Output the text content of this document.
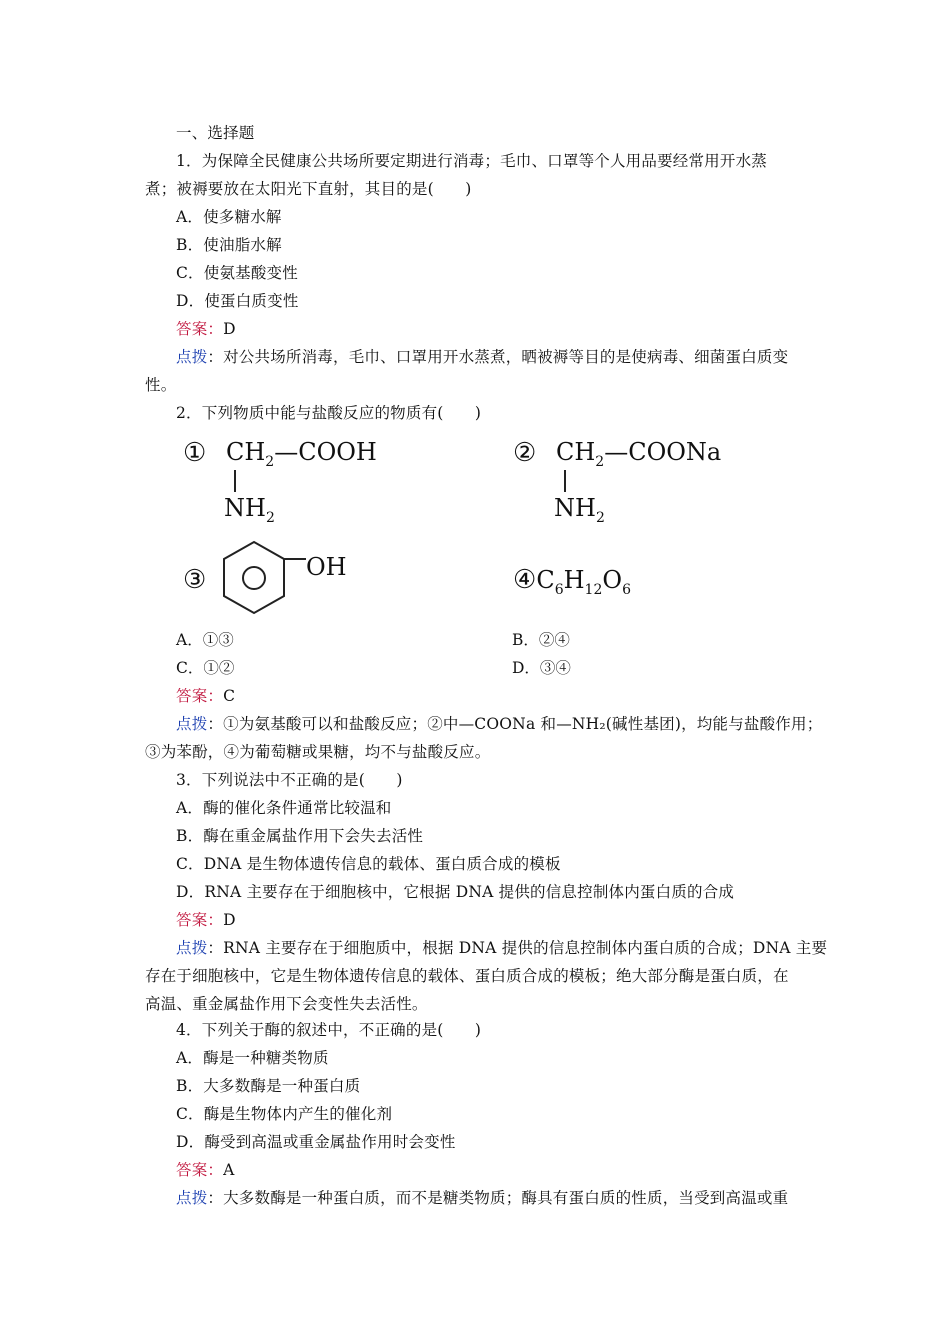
一、选择题
1．为保障全民健康公共场所要定期进行消毒；毛巾、口罩等个人用品要经常用开水蒸
煮；被褥要放在太阳光下直射，其目的是(　　)
A．使多糖水解
B．使油脂水解
C．使氨基酸变性
D．使蛋白质变性
答案：D
点拨：对公共场所消毒，毛巾、口罩用开水蒸煮，晒被褥等目的是使病毒、细菌蛋白质变
性。
2．下列物质中能与盐酸反应的物质有(　　)
① $CH_2—COOH$
$NH_2$
② $CH_2—COONa$
$NH_2$
③	OH	$④C_6H_{12}O_6$
A．①③	B．②④
C．①②	D．③④
答案：C
点拨：①为氨基酸可以和盐酸反应；②中—COONa 和—NH₂(碱性基团)，均能与盐酸作用；
③为苯酚，④为葡萄糖或果糖，均不与盐酸反应。
3．下列说法中不正确的是(　　)
A．酶的催化条件通常比较温和
B．酶在重金属盐作用下会失去活性
C．DNA 是生物体遗传信息的载体、蛋白质合成的模板
D．RNA 主要存在于细胞核中，它根据 DNA 提供的信息控制体内蛋白质的合成
答案：D
点拨：RNA 主要存在于细胞质中，根据 DNA 提供的信息控制体内蛋白质的合成；DNA 主要
存在于细胞核中，它是生物体遗传信息的载体、蛋白质合成的模板；绝大部分酶是蛋白质，在
高温、重金属盐作用下会变性失去活性。
4．下列关于酶的叙述中，不正确的是(　　)
A．酶是一种糖类物质
B．大多数酶是一种蛋白质
C．酶是生物体内产生的催化剂
D．酶受到高温或重金属盐作用时会变性
答案：A
点拨：大多数酶是一种蛋白质，而不是糖类物质；酶具有蛋白质的性质，当受到高温或重
